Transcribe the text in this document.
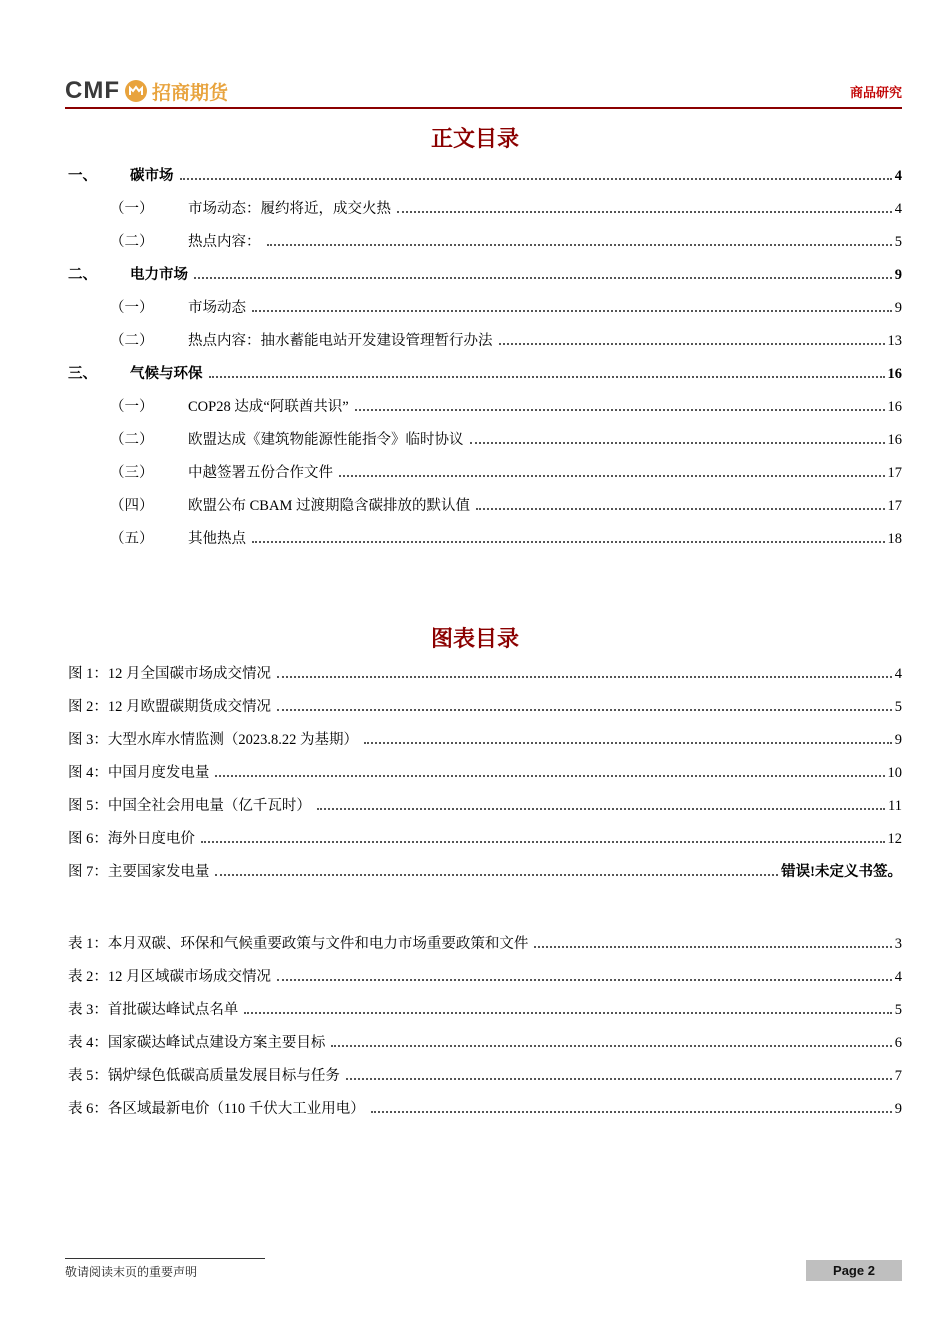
CMF 招商期货	商品研究
正文目录
一、	碳市场	4
（一）	市场动态：履约将近，成交火热	4
（二）	热点内容：	5
二、	电力市场	9
（一）	市场动态	9
（二）	热点内容：抽水蓄能电站开发建设管理暂行办法	13
三、	气候与环保	16
（一）	COP28 达成“阿联酋共识”	16
（二）	欧盟达成《建筑物能源性能指令》临时协议	16
（三）	中越签署五份合作文件	17
（四）	欧盟公布 CBAM 过渡期隐含碳排放的默认值	17
（五）	其他热点	18
图表目录
图 1：12 月全国碳市场成交情况	4
图 2：12 月欧盟碳期货成交情况	5
图 3：大型水库水情监测（2023.8.22 为基期）	9
图 4：中国月度发电量	10
图 5：中国全社会用电量（亿千瓦时）	11
图 6：海外日度电价	12
图 7：主要国家发电量	错误!未定义书签。
表 1：本月双碳、环保和气候重要政策与文件和电力市场重要政策和文件	3
表 2：12 月区域碳市场成交情况	4
表 3：首批碳达峰试点名单	5
表 4：国家碳达峰试点建设方案主要目标	6
表 5：锅炉绿色低碳高质量发展目标与任务	7
表 6：各区域最新电价（110 千伏大工业用电）	9
敬请阅读末页的重要声明	Page 2
